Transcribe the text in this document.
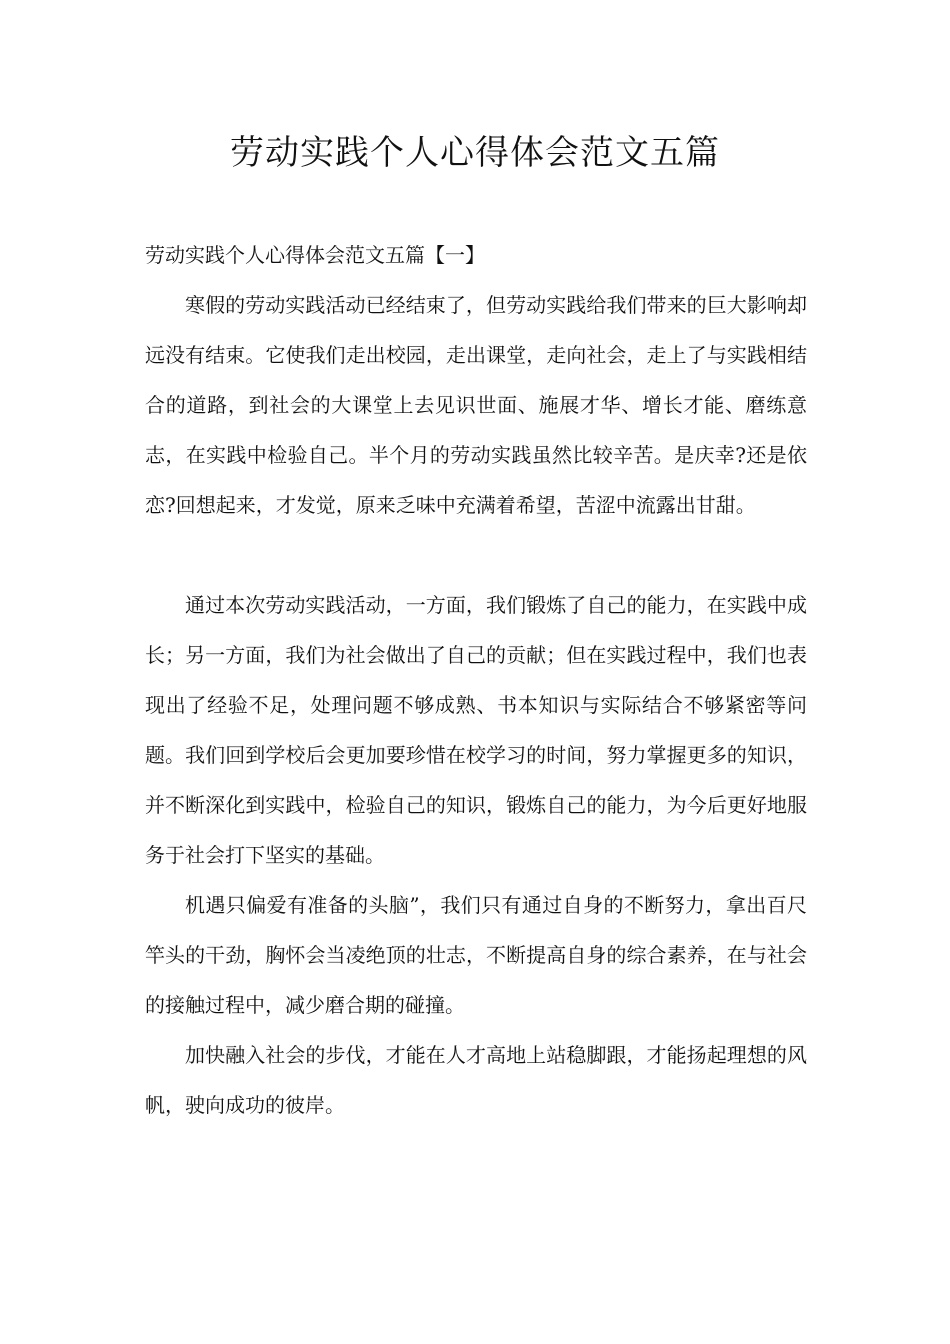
劳动实践个人心得体会范文五篇

劳动实践个人心得体会范文五篇【一】

寒假的劳动实践活动已经结束了，但劳动实践给我们带来的巨大影响却远没有结束。它使我们走出校园，走出课堂，走向社会，走上了与实践相结合的道路，到社会的大课堂上去见识世面、施展才华、增长才能、磨练意志，在实践中检验自己。半个月的劳动实践虽然比较辛苦。是庆幸?还是依恋?回想起来，才发觉，原来乏味中充满着希望，苦涩中流露出甘甜。

通过本次劳动实践活动，一方面，我们锻炼了自己的能力，在实践中成长；另一方面，我们为社会做出了自己的贡献；但在实践过程中，我们也表现出了经验不足，处理问题不够成熟、书本知识与实际结合不够紧密等问题。我们回到学校后会更加要珍惜在校学习的时间，努力掌握更多的知识，并不断深化到实践中，检验自己的知识，锻炼自己的能力，为今后更好地服务于社会打下坚实的基础。

机遇只偏爱有准备的头脑”，我们只有通过自身的不断努力，拿出百尺竿头的干劲，胸怀会当凌绝顶的壮志，不断提高自身的综合素养，在与社会的接触过程中，减少磨合期的碰撞。

加快融入社会的步伐，才能在人才高地上站稳脚跟，才能扬起理想的风帆，驶向成功的彼岸。
